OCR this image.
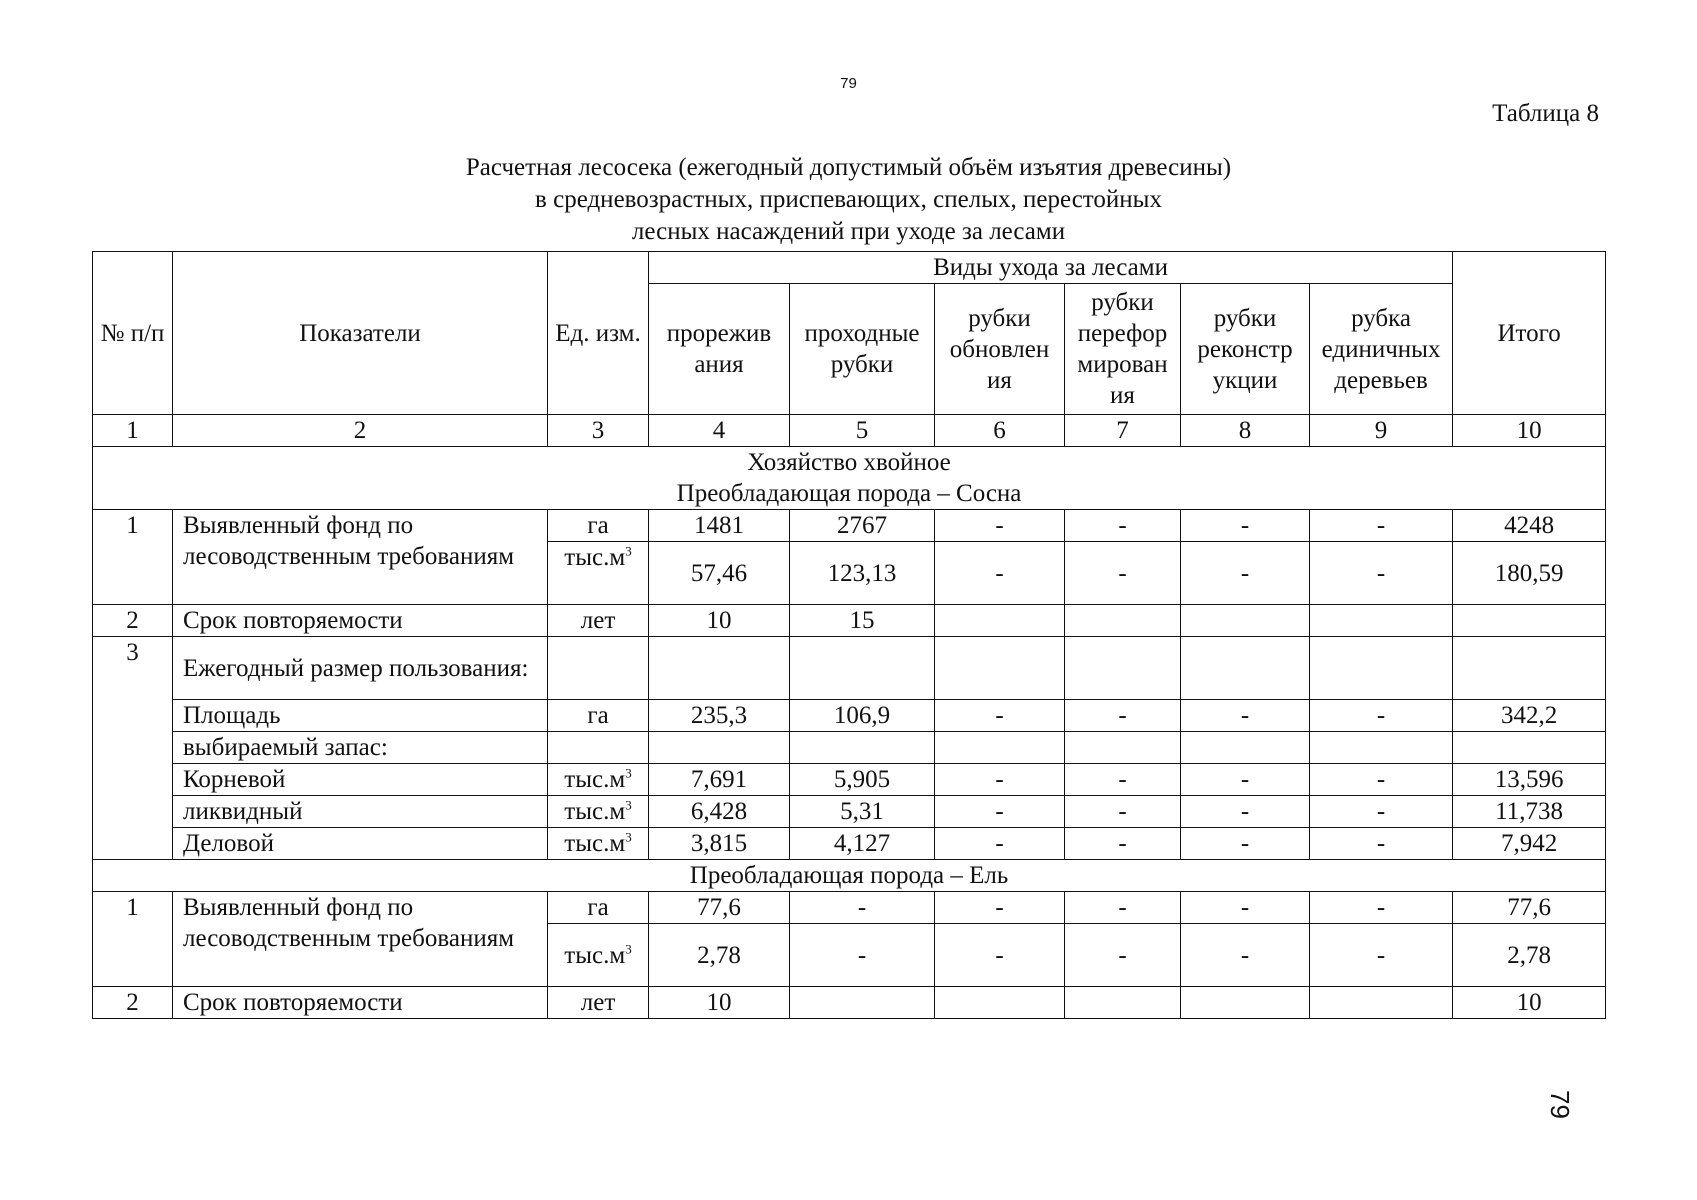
79
Таблица 8
Расчетная лесосека (ежегодный допустимый объём изъятия древесины)
в средневозрастных, приспевающих, спелых, перестойных
лесных насаждений при уходе за лесами
№ п/п	Показатели	Ед. изм.	Виды ухода за лесами						Итого
			прорежив ания	проходные рубки	рубки обновлен ия	рубки перефор мирован ия	рубки реконстр укции	рубка единичных деревьев	
1	2	3	4	5	6	7	8	9	10

Хозяйство хвойное
Преобладающая порода – Сосна									

1	Выявленный фонд по лесоводственным требованиям	га	1481	2767	-	-	-	-	4248
		$тыс.м^3$	57,46	123,13	-	-	-	-	180,59
2	Срок повторяемости	лет	10	15					
3	Ежегодный размер пользования:								
	Площадь	га	235,3	106,9	-	-	-	-	342,2
	выбираемый запас:								
	Корневой	$тыс.м^3$	7,691	5,905	-	-	-	-	13,596
	ликвидный	$тыс.м^3$	6,428	5,31	-	-	-	-	11,738
	Деловой	$тыс.м^3$	3,815	4,127	-	-	-	-	7,942
Преобладающая порода – Ель									
1	Выявленный фонд по лесоводственным требованиям	га	77,6	-	-	-	-	-	77,6
		$тыс.м^3$	2,78	-	-	-	-	-	2,78
2	Срок повторяемости	лет	10						10
79
